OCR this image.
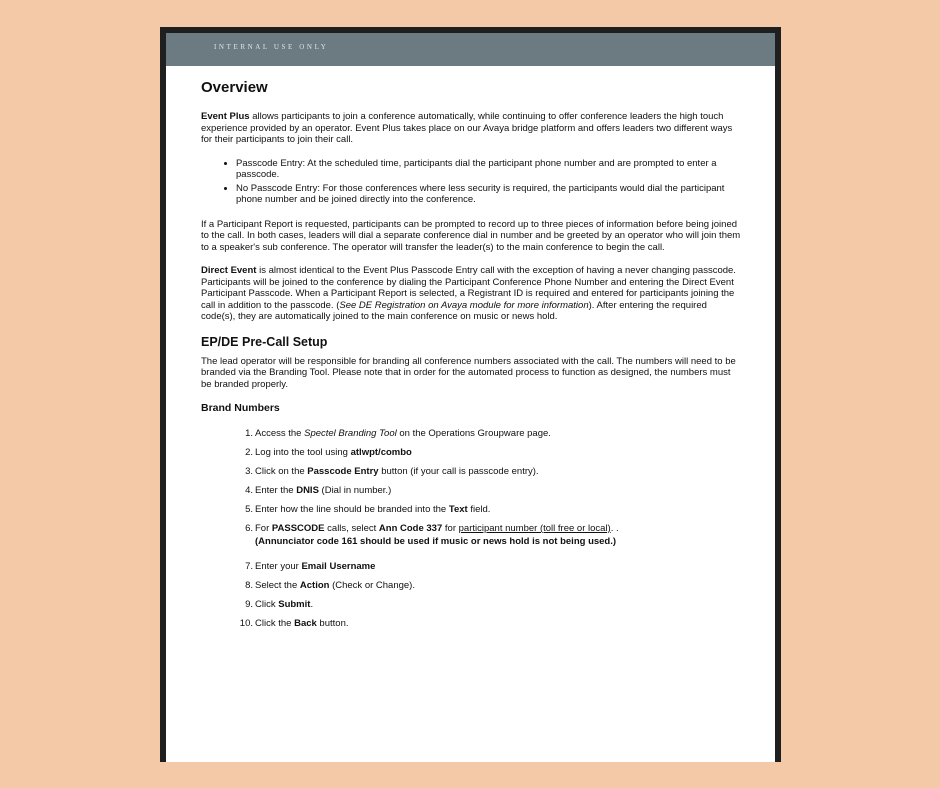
INTERNAL USE ONLY
Overview

Event Plus allows participants to join a conference automatically, while continuing to offer conference leaders the high touch experience provided by an operator. Event Plus takes place on our Avaya bridge platform and offers leaders two different ways for their participants to join their call.

• Passcode Entry: At the scheduled time, participants dial the participant phone number and are prompted to enter a passcode.
• No Passcode Entry: For those conferences where less security is required, the participants would dial the participant phone number and be joined directly into the conference.

If a Participant Report is requested, participants can be prompted to record up to three pieces of information before being joined to the call. In both cases, leaders will dial a separate conference dial in number and be greeted by an operator who will join them to a speaker's sub conference. The operator will transfer the leader(s) to the main conference to begin the call.

Direct Event is almost identical to the Event Plus Passcode Entry call with the exception of having a never changing passcode. Participants will be joined to the conference by dialing the Participant Conference Phone Number and entering the Direct Event Participant Passcode. When a Participant Report is selected, a Registrant ID is required and entered for participants joining the call in addition to the passcode. (See DE Registration on Avaya module for more information). After entering the required code(s), they are automatically joined to the main conference on music or news hold.

EP/DE Pre-Call Setup

The lead operator will be responsible for branding all conference numbers associated with the call. The numbers will need to be branded via the Branding Tool. Please note that in order for the automated process to function as designed, the numbers must be branded properly.

Brand Numbers
1. Access the Spectel Branding Tool on the Operations Groupware page.
2. Log into the tool using atlwpt/combo
3. Click on the Passcode Entry button (if your call is passcode entry).
4. Enter the DNIS (Dial in number.)
5. Enter how the line should be branded into the Text field.
6. For PASSCODE calls, select Ann Code 337 for participant number (toll free or local). .
(Annunciator code 161 should be used if music or news hold is not being used.)
7. Enter your Email Username
8. Select the Action (Check or Change).
9. Click Submit.
10. Click the Back button.
